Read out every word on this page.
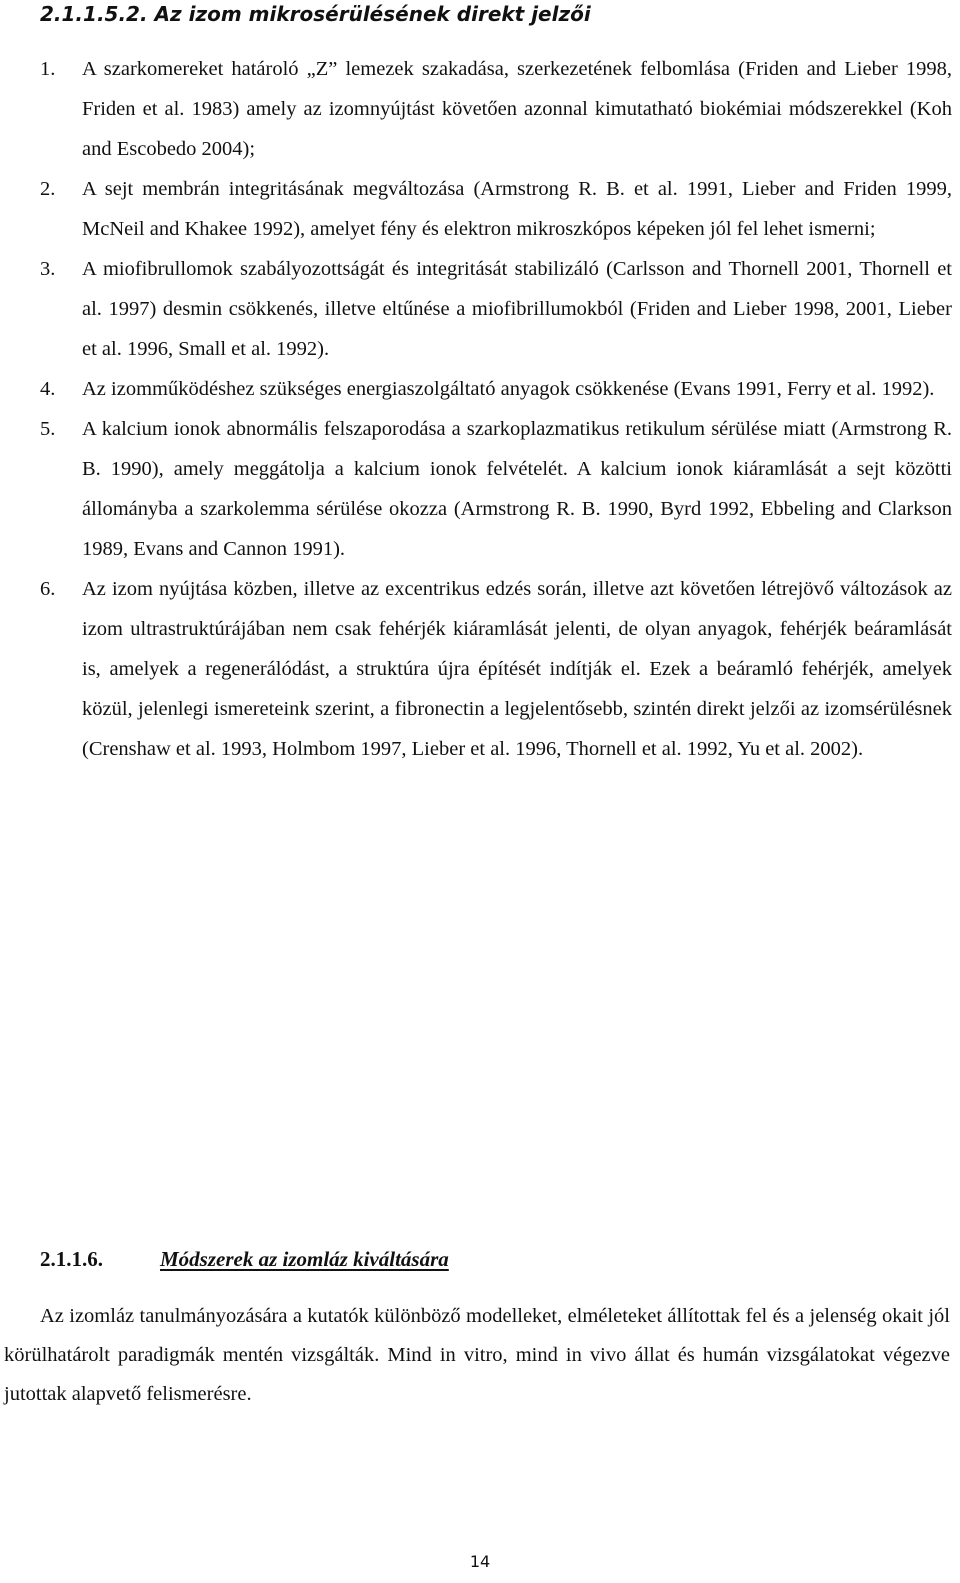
2.1.1.5.2. Az izom mikrosérülésének direkt jelzői
1. A szarkomereket határoló „Z” lemezek szakadása, szerkezetének felbomlása (Friden and Lieber 1998, Friden et al. 1983) amely az izomnyújtást követően azonnal kimutatható biokémiai módszerekkel (Koh and Escobedo 2004);
2. A sejt membrán integritásának megváltozása (Armstrong R. B. et al. 1991, Lieber and Friden 1999, McNeil and Khakee 1992), amelyet fény és elektron mikroszkópos képeken jól fel lehet ismerni;
3. A miofibrullomok szabályozottságát és integritását stabilizáló (Carlsson and Thornell 2001, Thornell et al. 1997) desmin csökkenés, illetve eltűnése a miofibrillumokból (Friden and Lieber 1998, 2001, Lieber et al. 1996, Small et al. 1992).
4. Az izomműködéshez szükséges energiaszolgáltató anyagok csökkenése (Evans 1991, Ferry et al. 1992).
5. A kalcium ionok abnormális felszaporodása a szarkoplazmatikus retikulum sérülése miatt (Armstrong R. B. 1990), amely meggátolja a kalcium ionok felvételét. A kalcium ionok kiáramlását a sejt közötti állományba a szarkolemma sérülése okozza (Armstrong R. B. 1990, Byrd 1992, Ebbeling and Clarkson 1989, Evans and Cannon 1991).
6. Az izom nyújtása közben, illetve az excentrikus edzés során, illetve azt követően létrejövő változások az izom ultrastruktúrájában nem csak fehérjék kiáramlását jelenti, de olyan anyagok, fehérjék beáramlását is, amelyek a regenerálódást, a struktúra újra építését indítják el. Ezek a beáramló fehérjék, amelyek közül, jelenlegi ismereteink szerint, a fibronectin a legjelentősebb, szintén direkt jelzői az izomsérülésnek (Crenshaw et al. 1993, Holmbom 1997, Lieber et al. 1996, Thornell et al. 1992, Yu et al. 2002).
2.1.1.6.	Módszerek az izomláz kiváltására

Az izomláz tanulmányozására a kutatók különböző modelleket, elméleteket állítottak fel és a jelenség okait jól körülhatárolt paradigmák mentén vizsgálták. Mind in vitro, mind in vivo állat és humán vizsgálatokat végezve jutottak alapvető felismerésre.

14
